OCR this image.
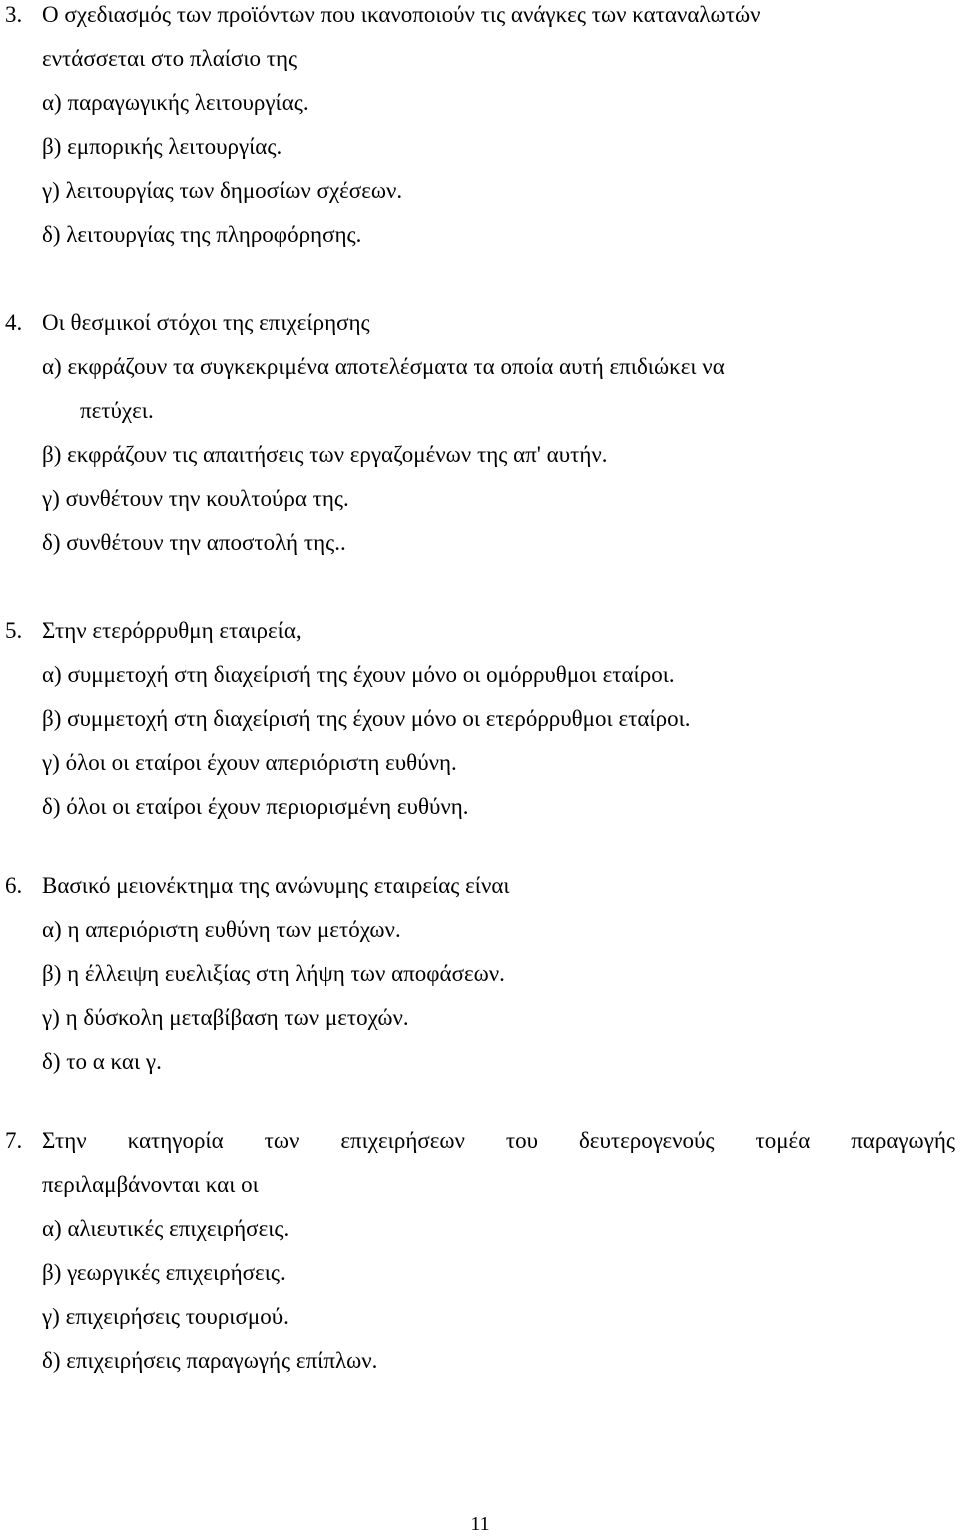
3. Ο σχεδιασμός των προϊόντων που ικανοποιούν τις ανάγκες των καταναλωτών
εντάσσεται στο πλαίσιο της
α) παραγωγικής λειτουργίας.
β) εμπορικής λειτουργίας.
γ) λειτουργίας των δημοσίων σχέσεων.
δ) λειτουργίας της πληροφόρησης.
4. Οι θεσμικοί στόχοι της επιχείρησης
α) εκφράζουν τα συγκεκριμένα αποτελέσματα τα οποία αυτή επιδιώκει να
πετύχει.
β) εκφράζουν τις απαιτήσεις των εργαζομένων της απ' αυτήν.
γ) συνθέτουν την κουλτούρα της.
δ) συνθέτουν την αποστολή της..
5. Στην ετερόρρυθμη εταιρεία,
α) συμμετοχή στη διαχείρισή της έχουν μόνο οι ομόρρυθμοι εταίροι.
β) συμμετοχή στη διαχείρισή της έχουν μόνο οι ετερόρρυθμοι εταίροι.
γ) όλοι οι εταίροι έχουν απεριόριστη ευθύνη.
δ) όλοι οι εταίροι έχουν περιορισμένη ευθύνη.
6. Βασικό μειονέκτημα της ανώνυμης εταιρείας είναι
α) η απεριόριστη ευθύνη των μετόχων.
β) η έλλειψη ευελιξίας στη λήψη των αποφάσεων.
γ) η δύσκολη μεταβίβαση των μετοχών.
δ) το α και γ.
7. Στην κατηγορία των επιχειρήσεων του δευτερογενούς τομέα παραγωγής
περιλαμβάνονται και οι
α) αλιευτικές επιχειρήσεις.
β) γεωργικές επιχειρήσεις.
γ) επιχειρήσεις τουρισμού.
δ) επιχειρήσεις παραγωγής επίπλων.
11
